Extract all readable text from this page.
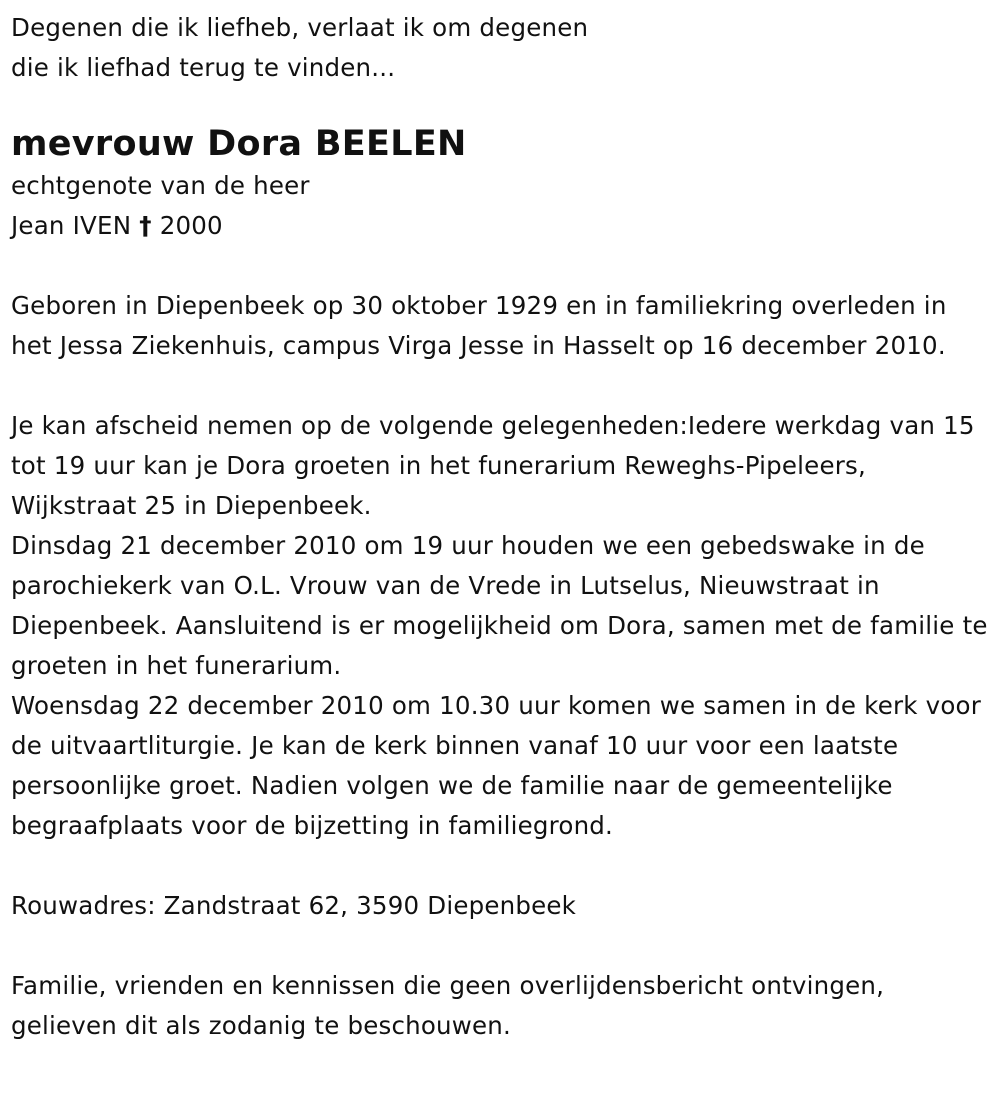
Degenen die ik liefheb, verlaat ik om degenen

die ik liefhad terug te vinden...

mevrouw Dora BEELEN

echtgenote van de heer

Jean IVEN † 2000

Geboren in Diepenbeek op 30 oktober 1929 en in familiekring overleden in het Jessa Ziekenhuis, campus Virga Jesse in Hasselt op 16 december 2010.

Je kan afscheid nemen op de volgende gelegenheden:Iedere werkdag van 15 tot 19 uur kan je Dora groeten in het funerarium Reweghs-Pipeleers, Wijkstraat 25 in Diepenbeek.

Dinsdag 21 december 2010 om 19 uur houden we een gebedswake in de parochiekerk van O.L. Vrouw van de Vrede in Lutselus, Nieuwstraat in Diepenbeek. Aansluitend is er mogelijkheid om Dora, samen met de familie te groeten in het funerarium.

Woensdag 22 december 2010 om 10.30 uur komen we samen in de kerk voor de uitvaartliturgie. Je kan de kerk binnen vanaf 10 uur voor een laatste persoonlijke groet. Nadien volgen we de familie naar de gemeentelijke begraafplaats voor de bijzetting in familiegrond.

Rouwadres: Zandstraat 62, 3590 Diepenbeek

Familie, vrienden en kennissen die geen overlijdensbericht ontvingen,

gelieven dit als zodanig te beschouwen.
